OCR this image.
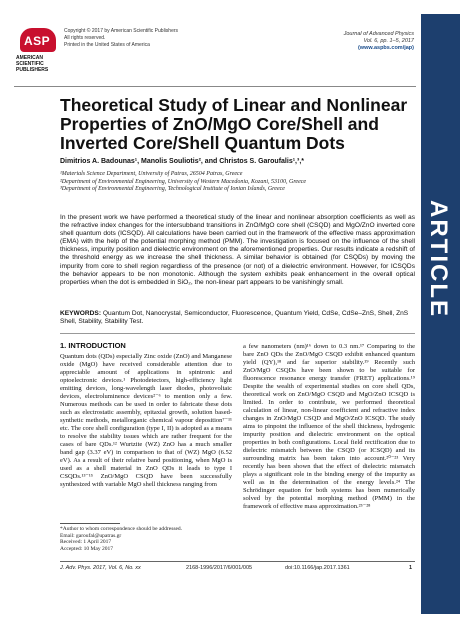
ASP
AMERICAN SCIENTIFIC PUBLISHERS
Copyright © 2017 by American Scientific Publishers
All rights reserved.
Printed in the United States of America
Journal of Advanced Physics
Vol. 6, pp. 1–5, 2017
(www.aspbs.com/jap)
ARTICLE
Theoretical Study of Linear and Nonlinear Properties of ZnO/MgO Core/Shell and Inverted Core/Shell Quantum Dots
Dimitrios A. Badounas¹, Manolis Souliotis², and Christos S. Garoufalis¹,³,*
¹Materials Science Department, University of Patras, 26504 Patras, Greece
²Department of Environmental Engineering, University of Western Macedonia, Kozani, 53100, Greece
³Department of Environmental Engineering, Technological Institute of Ionian Islands, Greece
In the present work we have performed a theoretical study of the linear and nonlinear absorption coefficients as well as the refractive index changes for the intersubband transitions in ZnO/MgO core shell (CSQD) and MgO/ZnO inverted core shell quantum dots (ICSQD). All calculations have been carried out in the framework of the effective mass approximation (EMA) with the help of the potential morphing method (PMM). The investigation is focused on the influence of the shell thickness, impurity position and dielectric environment on the aforementioned properties. Our results indicate a redshift of the threshold energy as we increase the shell thickness. A similar behavior is obtained (for CSQDs) by moving the impurity from core to shell region regardless of the presence (or not) of a dielectric environment. However, for ICSQDs the behavior appears to be non monotonic. Although the system exhibits peak enhancement in the overall optical properties when the dot is embedded in SiO₂, the non-linear part appears to be vanishingly small.
KEYWORDS: Quantum Dot, Nanocrystal, Semiconductor, Fluorescence, Quantum Yield, CdSe, CdSe–ZnS, Shell, ZnS Shell, Stability, Stability Test.
1. INTRODUCTION
Quantum dots (QDs) especially Zinc oxide (ZnO) and Manganese oxide (MgO) have received considerable attention due to appreciable amount of applications in spintronic and optoelectronic devices.¹ Photodetectors, high-efficiency light emitting devices, long-wavelength laser diodes, photovoltaic devices, electroluminence devices²⁻⁶ to mention only a few. Numerous methods can be used in order to fabricate these dots such as electrostatic assembly, epitaxial growth, solution based-synthetic methods, metallorganic chemical vapour deposition⁷⁻¹¹ etc. The core shell configuration (type I, II) is adopted as a means to resolve the stability issues which are rather frequent for the cases of bare QDs.¹² Wurtzite (WZ) ZnO has a much smaller band gap (3.37 eV) in comparison to that of (WZ) MgO (6.52 eV). As a result of their relative band positioning, when MgO is used as a shell material in ZnO QDs it leads to type I CSQDs.¹³⁻¹⁵ ZnO/MgO CSQD have been successfully synthesized with variable MgO shell thickness ranging from
a few nanometers (nm)¹⁶ down to 0.3 nm.¹⁷ Comparing to the bare ZnO QDs the ZnO/MgO CSQD exhibit enhanced quantum yield (QY),¹⁸ and far superior stability.¹⁹ Recently such ZnO/MgO CSQDs have been shown to be suitable for fluorescence resonance energy transfer (FRET) applications.¹⁹ Despite the wealth of experimental studies on core shell QDs, theoretical work on ZnO/MgO CSQD and MgO/ZnO ICSQD is limited. In order to contribute, we performed theoretical calculation of linear, non-linear coefficient and refractive index changes in ZnO/MgO CSQD and MgO/ZnO ICSQD. The study aims to pinpoint the influence of the shell thickness, hydrogenic impurity position and dielectric environment on the optical properties in both configurations. Local field rectification due to dielectric mismatch between the CSQD (or ICSQD) and its surrounding matrix has been taken into account.²⁰⁻²³ Very recently has been shown that the effect of dielectric mismatch plays a significant role in the binding energy of the impurity as well as in the determination of the energy levels.²⁴ The Schrödinger equation for both systems has been numerically solved by the potential morphing method (PMM) in the framework of effective mass approximation.²⁵⁻²⁸
*Author to whom correspondence should be addressed.
Email: garoufal@upatras.gr
Received: 1 April 2017
Accepted: 10 May 2017
J. Adv. Phys. 2017, Vol. 6, No. xx	2168-1996/2017/6/001/005	doi:10.1166/jap.2017.1361	1
